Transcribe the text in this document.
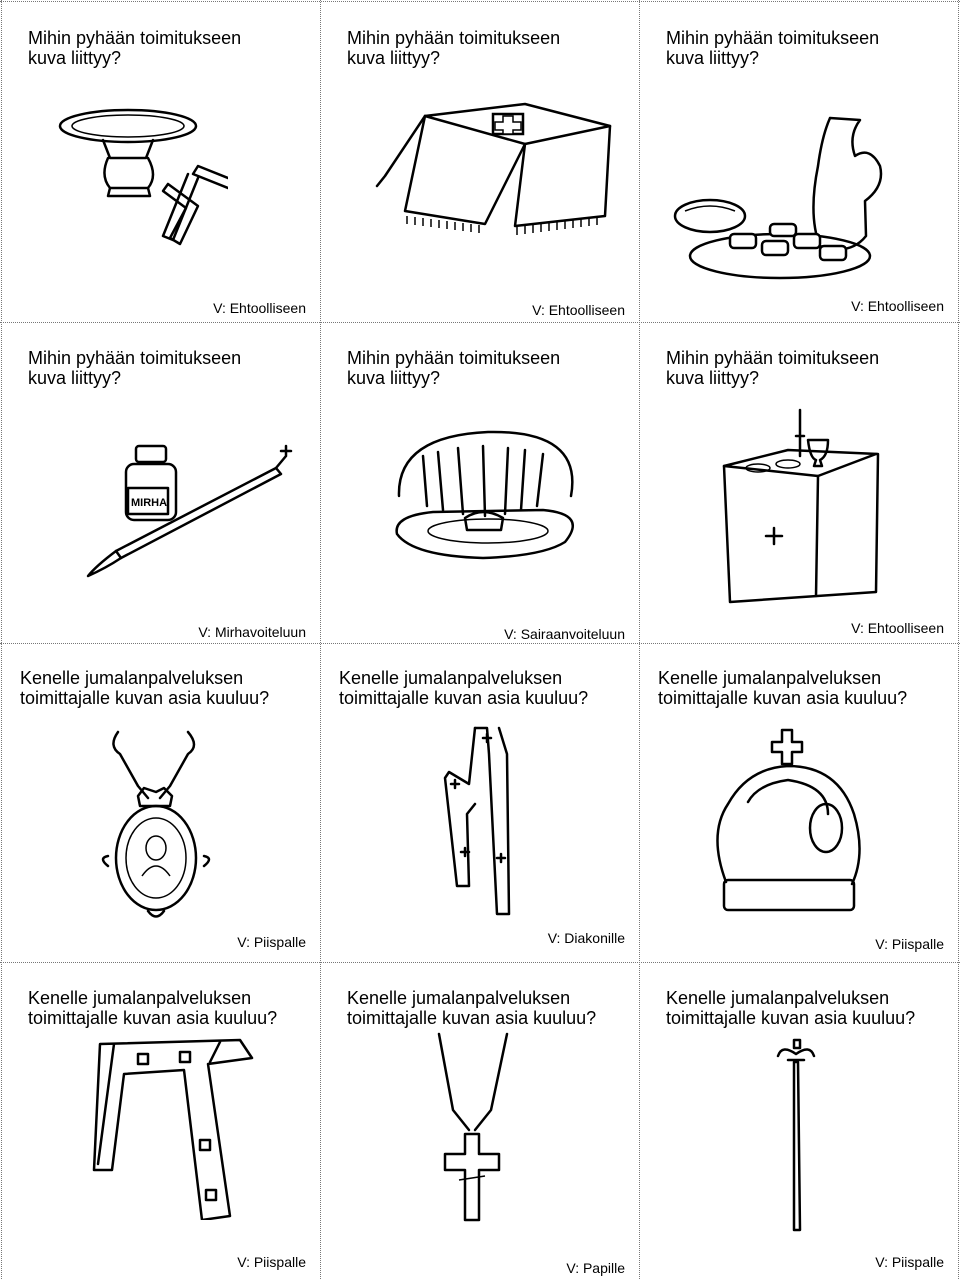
Mihin pyhään toimitukseen
kuva liittyy?
V: Ehtoolliseen
Mihin pyhään toimitukseen
kuva liittyy?
V: Ehtoolliseen
Mihin pyhään toimitukseen
kuva liittyy?
V: Ehtoolliseen
Mihin pyhään toimitukseen
kuva liittyy?
MIRHA
V: Mirhavoiteluun
Mihin pyhään toimitukseen
kuva liittyy?
V: Sairaanvoiteluun
Mihin pyhään toimitukseen
kuva liittyy?
V: Ehtoolliseen
Kenelle jumalanpalveluksen
toimittajalle kuvan asia kuuluu?
V: Piispalle
Kenelle jumalanpalveluksen
toimittajalle kuvan asia kuuluu?
V: Diakonille
Kenelle jumalanpalveluksen
toimittajalle kuvan asia kuuluu?
V: Piispalle
Kenelle jumalanpalveluksen
toimittajalle kuvan asia kuuluu?
V: Piispalle
Kenelle jumalanpalveluksen
toimittajalle kuvan asia kuuluu?
V: Papille
Kenelle jumalanpalveluksen
toimittajalle kuvan asia kuuluu?
V: Piispalle
